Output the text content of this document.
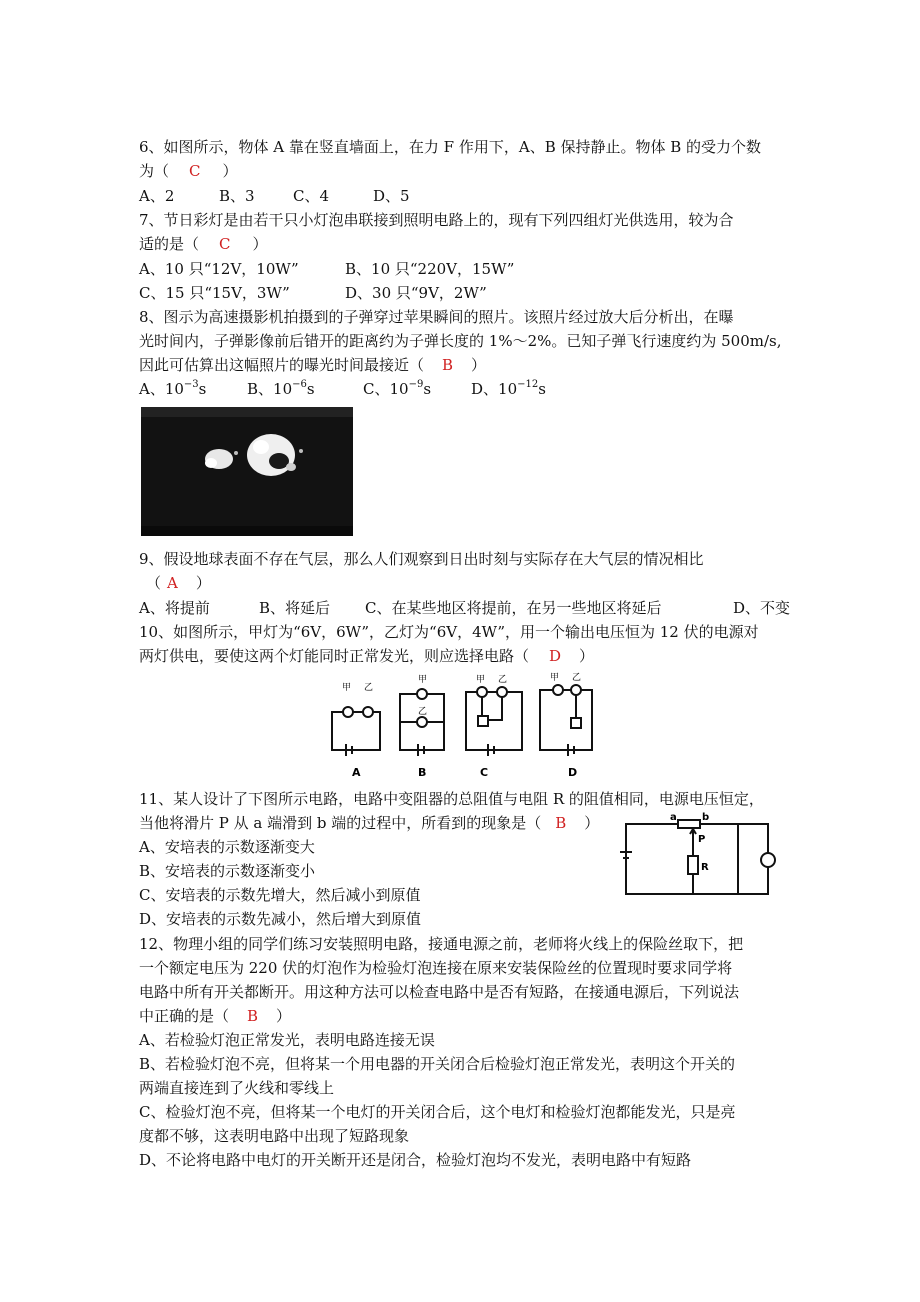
6、如图所示，物体 A 靠在竖直墙面上，在力 F 作用下，A、B 保持静止。物体 B 的受力个数
为（ C ）
A、2	B、3	C、4	D、5
7、节日彩灯是由若干只小灯泡串联接到照明电路上的，现有下列四组灯光供选用，较为合
适的是（ C ）
A、10 只“12V，10W”	B、10 只“220V，15W”
C、15 只“15V，3W”	D、30 只“9V，2W”
8、图示为高速摄影机拍摄到的子弹穿过苹果瞬间的照片。该照片经过放大后分析出，在曝
光时间内，子弹影像前后错开的距离约为子弹长度的 1%～2%。已知子弹飞行速度约为 500m/s,
因此可估算出这幅照片的曝光时间最接近（ B ）
A、$10^{-3}s$	B、$10^{-6}s$	C、$10^{-9}s$	D、$10^{-12}s$
9、假设地球表面不存在气层，那么人们观察到日出时刻与实际存在大气层的情况相比
（ A ）
A、将提前	B、将延后 C、在某些地区将提前，在另一些地区将延后	D、不变
10、如图所示，甲灯为“6V，6W”，乙灯为“6V，4W”，用一个输出电压恒为 12 伏的电源对
两灯供电，要使这两个灯能同时正常发光，则应选择电路（ D ）
甲 乙
甲
乙
甲 乙	甲 乙
A	B	C	D
11、某人设计了下图所示电路，电路中变阻器的总阻值与电阻 R 的阻值相同，电源电压恒定，
当他将滑片 P 从 a 端滑到 b 端的过程中，所看到的现象是（ B ）
A、安培表的示数逐渐变大
B、安培表的示数逐渐变小
C、安培表的示数先增大，然后减小到原值
D、安培表的示数先减小，然后增大到原值
a	b
P
R
12、物理小组的同学们练习安装照明电路，接通电源之前，老师将火线上的保险丝取下，把
一个额定电压为 220 伏的灯泡作为检验灯泡连接在原来安装保险丝的位置现时要求同学将
电路中所有开关都断开。用这种方法可以检查电路中是否有短路，在接通电源后，下列说法
中正确的是（ B ）
A、若检验灯泡正常发光，表明电路连接无误
B、若检验灯泡不亮，但将某一个用电器的开关闭合后检验灯泡正常发光，表明这个开关的
两端直接连到了火线和零线上
C、检验灯泡不亮，但将某一个电灯的开关闭合后，这个电灯和检验灯泡都能发光，只是亮
度都不够，这表明电路中出现了短路现象
D、不论将电路中电灯的开关断开还是闭合，检验灯泡均不发光，表明电路中有短路
